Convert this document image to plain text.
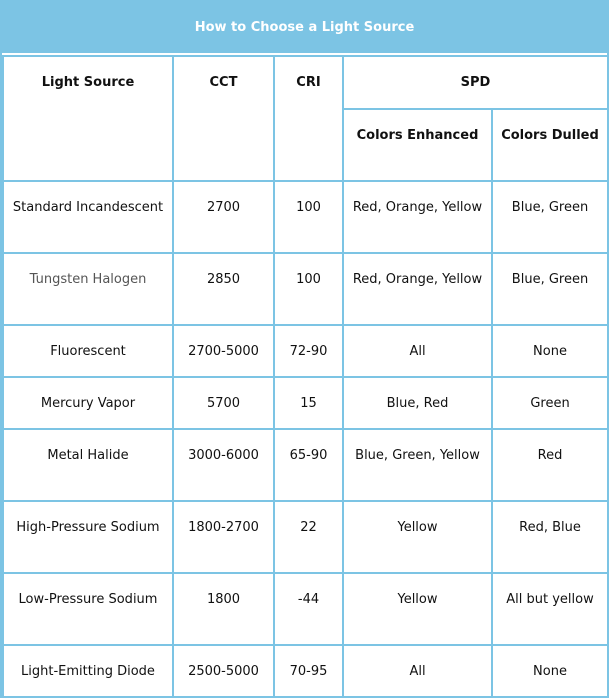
How to Choose a Light Source
Light Source	CCT	CRI	SPD	
			Colors Enhanced	Colors Dulled
Standard Incandescent	2700	100	Red, Orange, Yellow	Blue, Green
Tungsten Halogen	2850	100	Red, Orange, Yellow	Blue, Green
Fluorescent	2700-5000	72-90	All	None
Mercury Vapor	5700	15	Blue, Red	Green
Metal Halide	3000-6000	65-90	Blue, Green, Yellow	Red
High-Pressure Sodium	1800-2700	22	Yellow	Red, Blue
Low-Pressure Sodium	1800	-44	Yellow	All but yellow
Light-Emitting Diode	2500-5000	70-95	All	None
